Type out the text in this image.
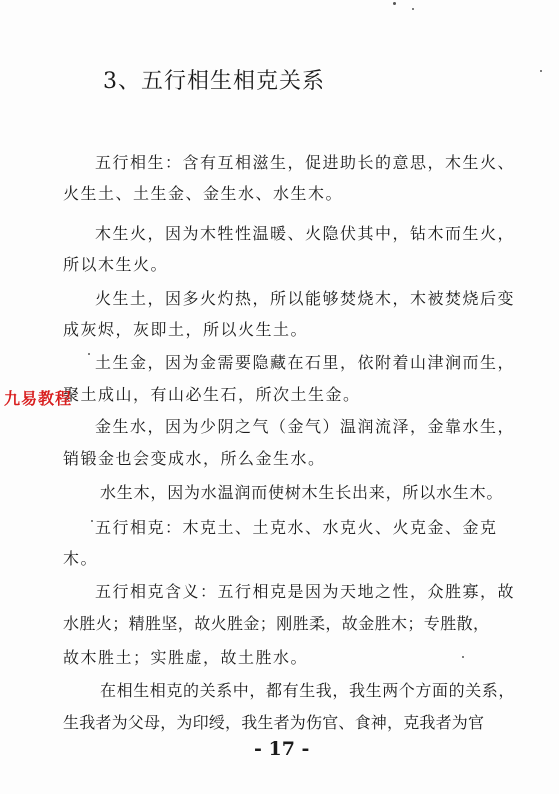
3、五行相生相克关系
五行相生：含有互相滋生，促进助长的意思，木生火、
火生土、土生金、金生水、水生木。
木生火，因为木牲性温暖、火隐伏其中，钻木而生火，
所以木生火。
火生土，因多火灼热，所以能够焚烧木，木被焚烧后变
成灰烬，灰即土，所以火生土。
土生金，因为金需要隐藏在石里，依附着山津涧而生，
聚土成山，有山必生石，所次土生金。
金生水，因为少阴之气（金气）温润流泽，金靠水生，
销锻金也会变成水，所么金生水。
水生木，因为水温润而使树木生长出来，所以水生木。
五行相克：木克土、土克水、水克火、火克金、金克
木。
五行相克含义：五行相克是因为天地之性，众胜寡，故
水胜火；精胜坚，故火胜金；刚胜柔，故金胜木；专胜散，
故木胜土；实胜虚，故土胜水。
在相生相克的关系中，都有生我，我生两个方面的关系，
生我者为父母，为印绶，我生者为伤官、食神，克我者为官
九易教程
- 17 -
